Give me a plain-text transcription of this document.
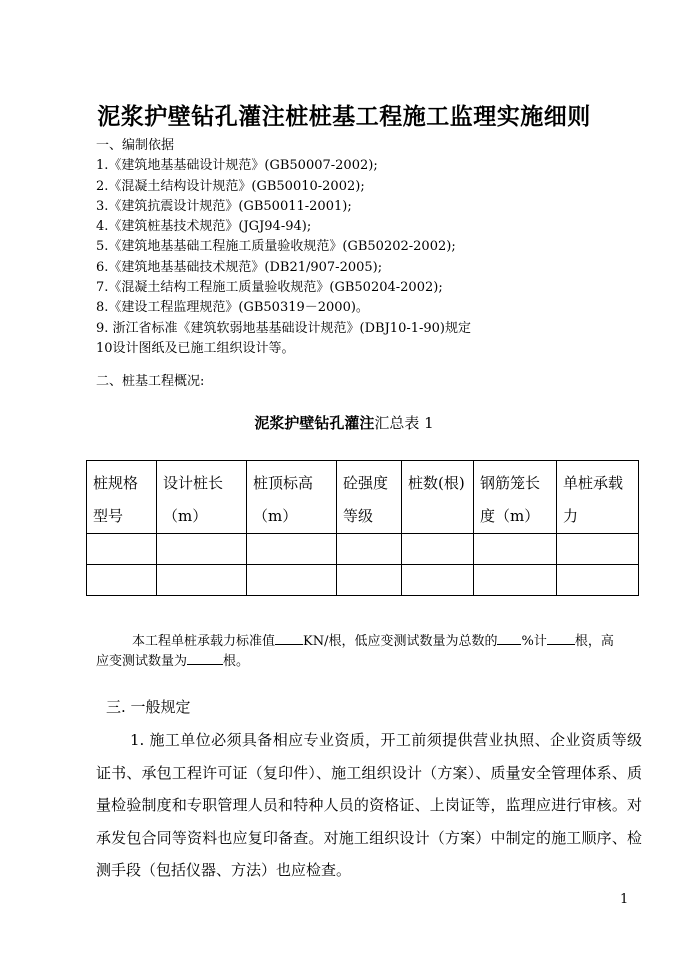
泥浆护壁钻孔灌注桩桩基工程施工监理实施细则
一、编制依据
1.《建筑地基基础设计规范》(GB50007-2002);
2.《混凝土结构设计规范》(GB50010-2002);
3.《建筑抗震设计规范》(GB50011-2001);
4.《建筑桩基技术规范》(JGJ94-94);
5.《建筑地基基础工程施工质量验收规范》(GB50202-2002);
6.《建筑地基基础技术规范》(DB21/907-2005);
7.《混凝土结构工程施工质量验收规范》(GB50204-2002);
8.《建设工程监理规范》(GB50319－2000)。
9. 浙江省标准《建筑软弱地基基础设计规范》(DBJ10-1-90)规定
10设计图纸及已施工组织设计等。
二、桩基工程概况:
泥浆护壁钻孔灌注汇总表 1
桩规格型号	设计桩长（m）	桩顶标高（m）	砼强度等级	桩数(根)	钢筋笼长度（m）	单桩承载力

本工程单桩承载力标准值 KN/根，低应变测试数量为总数的 %计 根，高
应变测试数量为	根。
三. 一般规定
1. 施工单位必须具备相应专业资质，开工前须提供营业执照、企业资质等级证书、承包工程许可证（复印件）、施工组织设计（方案）、质量安全管理体系、质量检验制度和专职管理人员和特种人员的资格证、上岗证等，监理应进行审核。对承发包合同等资料也应复印备查。对施工组织设计（方案）中制定的施工顺序、检测手段（包括仪器、方法）也应检查。
1
